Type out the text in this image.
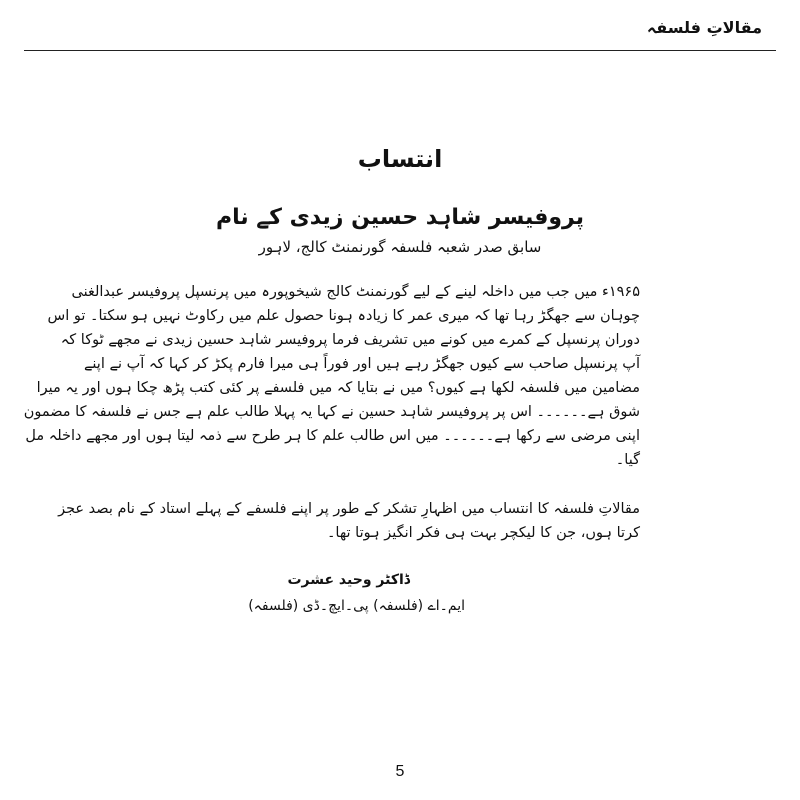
مقالاتِ فلسفہ
انتساب
پروفیسر شاہد حسین زیدی کے نام
سابق صدر شعبہ فلسفہ گورنمنٹ کالج، لاہور
۱۹۶۵ء میں جب میں داخلہ لینے کے لیے گورنمنٹ کالج شیخوپورہ میں پرنسپل پروفیسر عبدالغنی
چوہان سے جھگڑ رہا تھا کہ میری عمر کا زیادہ ہونا حصول علم میں رکاوٹ نہیں ہو سکتا۔ تو اس
دوران پرنسپل کے کمرے میں کونے میں تشریف فرما پروفیسر شاہد حسین زیدی نے مجھے ٹوکا کہ
آپ پرنسپل صاحب سے کیوں جھگڑ رہے ہیں اور فوراً ہی میرا فارم پکڑ کر کہا کہ آپ نے اپنے
مضامین میں فلسفہ لکھا ہے کیوں؟ میں نے بتایا کہ میں فلسفے پر کئی کتب پڑھ چکا ہوں اور یہ میرا
شوق ہے۔۔۔۔۔۔ اس پر پروفیسر شاہد حسین نے کہا یہ پہلا طالب علم ہے جس نے فلسفہ کا مضمون
اپنی مرضی سے رکھا ہے۔۔۔۔۔۔ میں اس طالب علم کا ہر طرح سے ذمہ لیتا ہوں اور مجھے داخلہ مل
گیا۔
مقالاتِ فلسفہ کا انتساب میں اظہارِ تشکر کے طور پر اپنے فلسفے کے پہلے استاد کے نام بصد عجز
کرتا ہوں، جن کا لیکچر بہت ہی فکر انگیز ہوتا تھا۔
ڈاکٹر وحید عشرت
ایم۔اے (فلسفہ) پی۔ایچ۔ڈی (فلسفہ)
5
